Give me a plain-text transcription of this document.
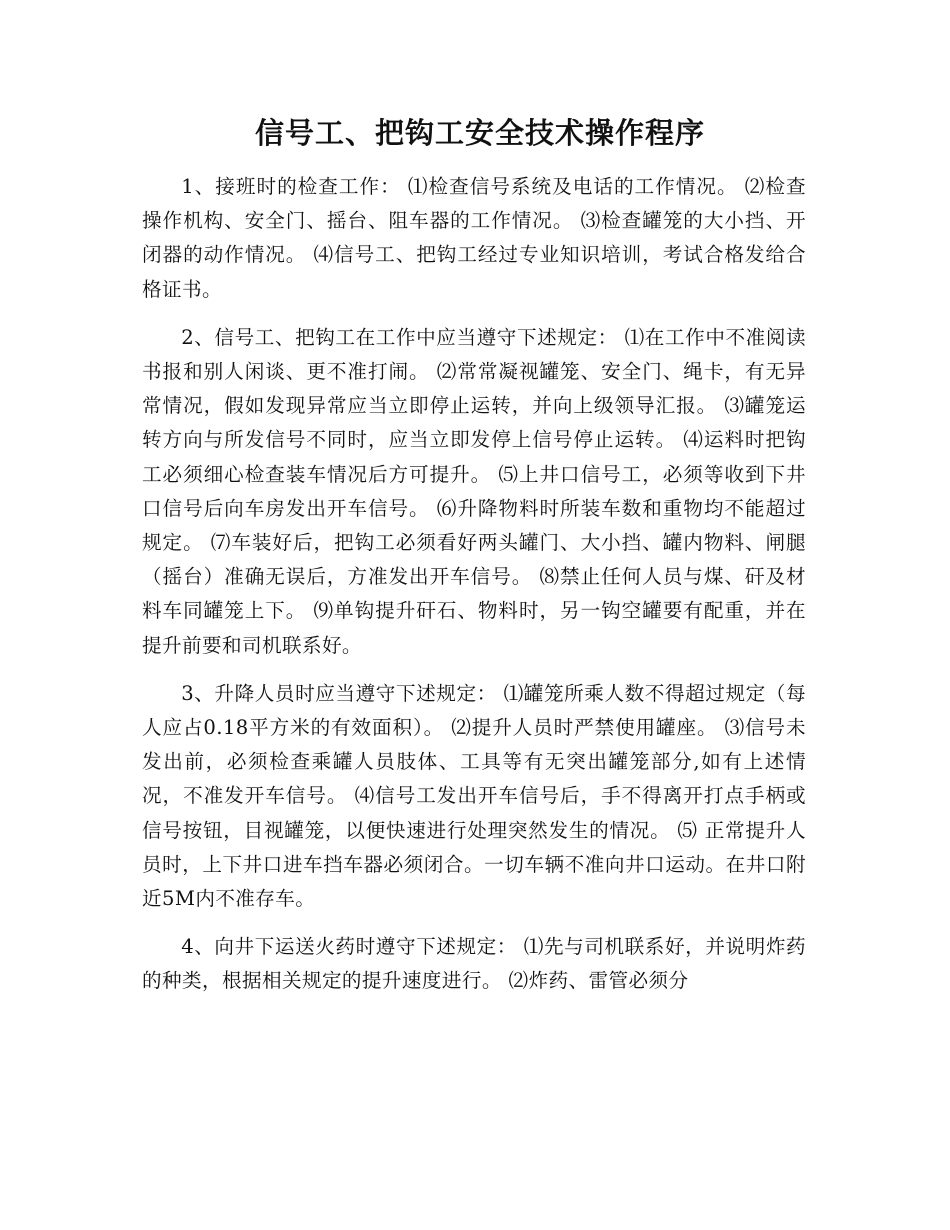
信号工、把钩工安全技术操作程序

1、接班时的检查工作： ⑴检查信号系统及电话的工作情况。 ⑵检查操作机构、安全门、摇台、阻车器的工作情况。 ⑶检查罐笼的大小挡、开闭器的动作情况。 ⑷信号工、把钩工经过专业知识培训，考试合格发给合格证书。

2、信号工、把钩工在工作中应当遵守下述规定： ⑴在工作中不准阅读书报和别人闲谈、更不准打闹。 ⑵常常凝视罐笼、安全门、绳卡，有无异常情况，假如发现异常应当立即停止运转，并向上级领导汇报。 ⑶罐笼运转方向与所发信号不同时，应当立即发停上信号停止运转。 ⑷运料时把钩工必须细心检查装车情况后方可提升。 ⑸上井口信号工，必须等收到下井口信号后向车房发出开车信号。 ⑹升降物料时所装车数和重物均不能超过规定。 ⑺车装好后，把钩工必须看好两头罐门、大小挡、罐内物料、闸腿（摇台）准确无误后，方准发出开车信号。 ⑻禁止任何人员与煤、矸及材料车同罐笼上下。 ⑼单钩提升矸石、物料时，另一钩空罐要有配重，并在提升前要和司机联系好。

3、升降人员时应当遵守下述规定： ⑴罐笼所乘人数不得超过规定（每人应占0.18平方米的有效面积）。 ⑵提升人员时严禁使用罐座。 ⑶信号未发出前，必须检查乘罐人员肢体、工具等有无突出罐笼部分,如有上述情况，不准发开车信号。 ⑷信号工发出开车信号后，手不得离开打点手柄或信号按钮，目视罐笼，以便快速进行处理突然发生的情况。 ⑸ 正常提升人员时，上下井口进车挡车器必须闭合。一切车辆不准向井口运动。在井口附近5M内不准存车。

4、向井下运送火药时遵守下述规定： ⑴先与司机联系好，并说明炸药的种类，根据相关规定的提升速度进行。 ⑵炸药、雷管必须分
